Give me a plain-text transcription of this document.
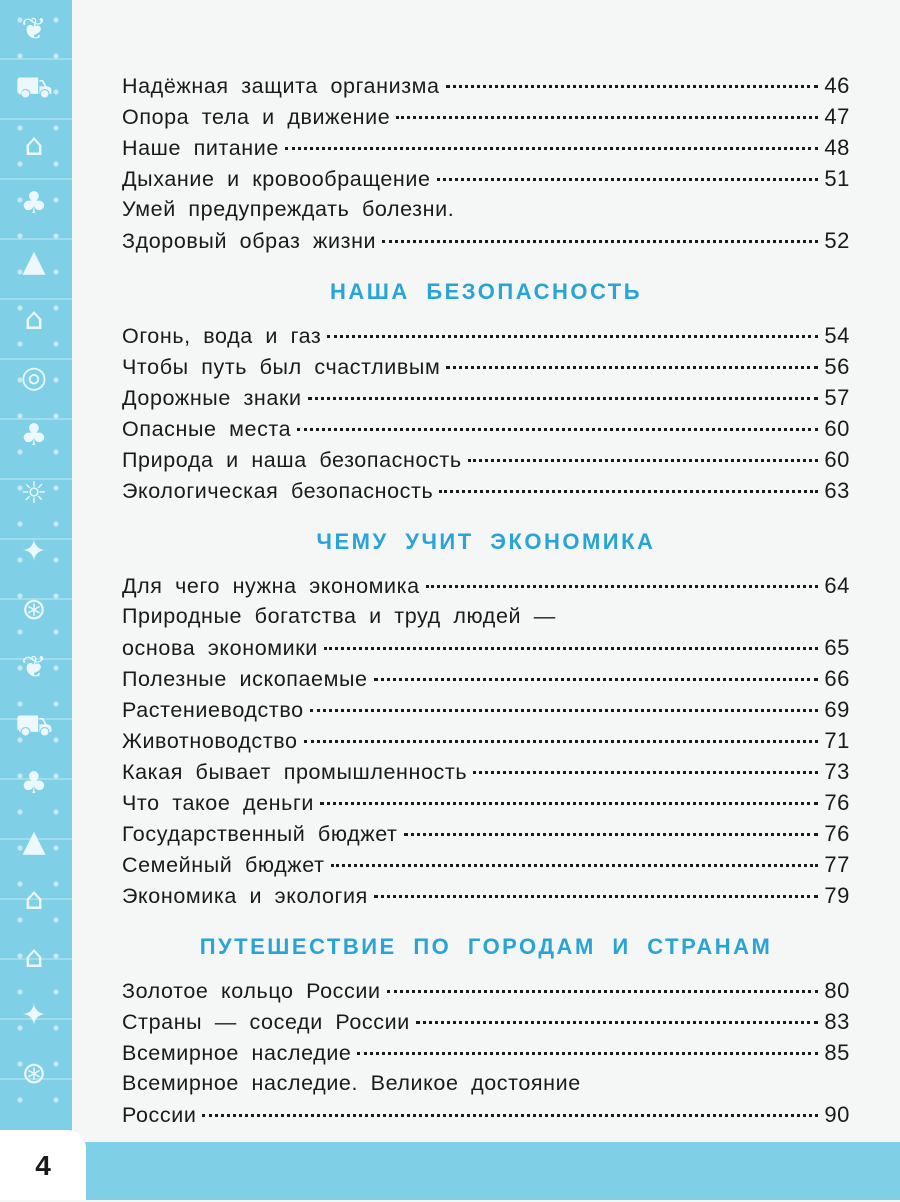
❦
⛟
⌂
♣
▲
⌂
◎
♣
☼
✦
⊛
❦
⛟
♣
▲
⌂
⌂
✦
⊛
4
Надёжная защита организма	46
Опора тела и движение	47
Наше питание	48
Дыхание и кровообращение	51
Умей предупреждать болезни.
Здоровый образ жизни	52
НАША БЕЗОПАСНОСТЬ
Огонь, вода и газ	54
Чтобы путь был счастливым	56
Дорожные знаки	57
Опасные места	60
Природа и наша безопасность	60
Экологическая безопасность	63
ЧЕМУ УЧИТ ЭКОНОМИКА
Для чего нужна экономика	64
Природные богатства и труд людей —
основа экономики	65
Полезные ископаемые	66
Растениеводство	69
Животноводство	71
Какая бывает промышленность	73
Что такое деньги	76
Государственный бюджет	76
Семейный бюджет	77
Экономика и экология	79
ПУТЕШЕСТВИЕ ПО ГОРОДАМ И СТРАНАМ
Золотое кольцо России	80
Страны — соседи России	83
Всемирное наследие	85
Всемирное наследие. Великое достояние
России	90
